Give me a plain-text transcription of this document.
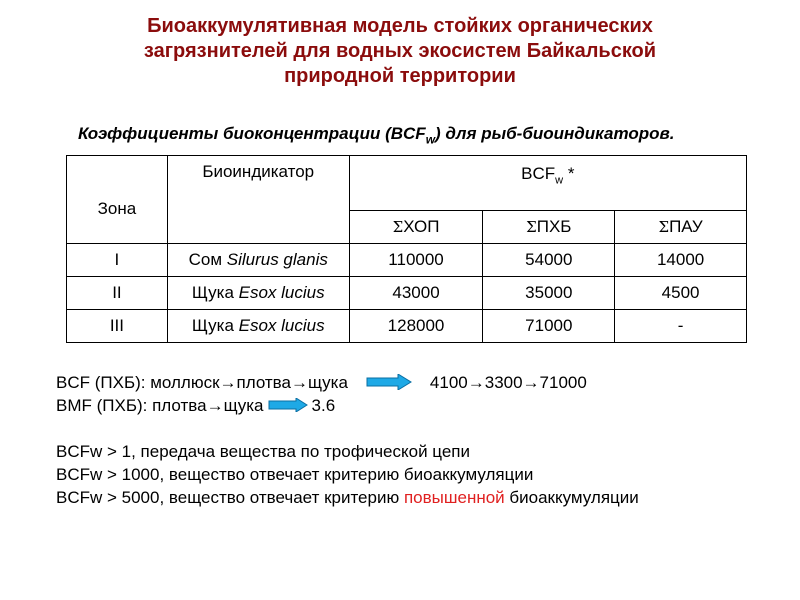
Биоаккумулятивная модель стойких органических
загрязнителей для водных экосистем Байкальской
природной территории
Коэффициенты биоконцентрации $(BCF_w)$ для рыб-биоиндикаторов.
Зона	Биоиндикатор	$BCF_w$ *		
		ΣХОП	ΣПХБ	ΣПАУ
I	Сом Silurus glanis	110000	54000	14000
II	Щука Esox lucius	43000	35000	4500
III	Щука Esox lucius	128000	71000	-
BCF (ПХБ): моллюск→плотва→щука	4100→3300→71000
BMF (ПХБ): плотва→щука	3.6
BCFw > 1, передача вещества по трофической цепи
BCFw > 1000, вещество отвечает критерию биоаккумуляции
BCFw > 5000, вещество отвечает критерию повышенной биоаккумуляции
